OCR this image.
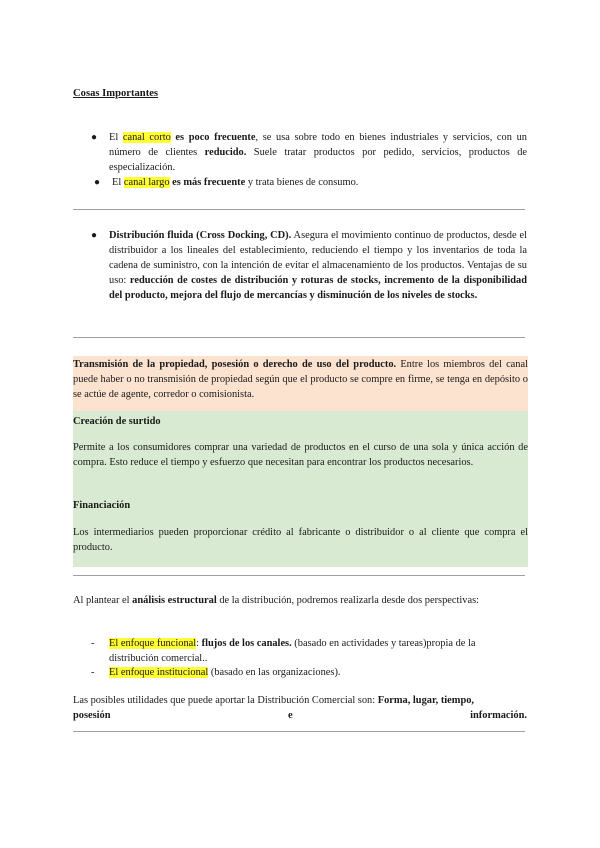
Cosas Importantes
●	El canal corto es poco frecuente, se usa sobre todo en bienes industriales y servicios, con un número de clientes reducido. Suele tratar productos por pedido, servicios, productos de especialización.
●	El canal largo es más frecuente y trata bienes de consumo.
●	Distribución fluida (Cross Docking, CD). Asegura el movimiento continuo de productos, desde el distribuidor a los lineales del establecimiento, reduciendo el tiempo y los inventarios de toda la cadena de suministro, con la intención de evitar el almacenamiento de los productos. Ventajas de su uso: reducción de costes de distribución y roturas de stocks, incremento de la disponibilidad del producto, mejora del flujo de mercancías y disminución de los niveles de stocks.
Transmisión de la propiedad, posesión o derecho de uso del producto. Entre los miembros del canal puede haber o no transmisión de propiedad según que el producto se compre en firme, se tenga en depósito o se actúe de agente, corredor o comisionista.
Creación de surtido
Permite a los consumidores comprar una variedad de productos en el curso de una sola y única acción de compra. Esto reduce el tiempo y esfuerzo que necesitan para encontrar los productos necesarios.
Financiación
Los intermediarios pueden proporcionar crédito al fabricante o distribuidor o al cliente que compra el producto.
Al plantear el análisis estructural de la distribución, podremos realizarla desde dos perspectivas:
- El enfoque funcional: flujos de los canales. (basado en actividades y tareas)propia de la distribución comercial..
- El enfoque institucional (basado en las organizaciones).
Las posibles utilidades que puede aportar la Distribución Comercial son: Forma, lugar, tiempo,
posesión	e	información.
